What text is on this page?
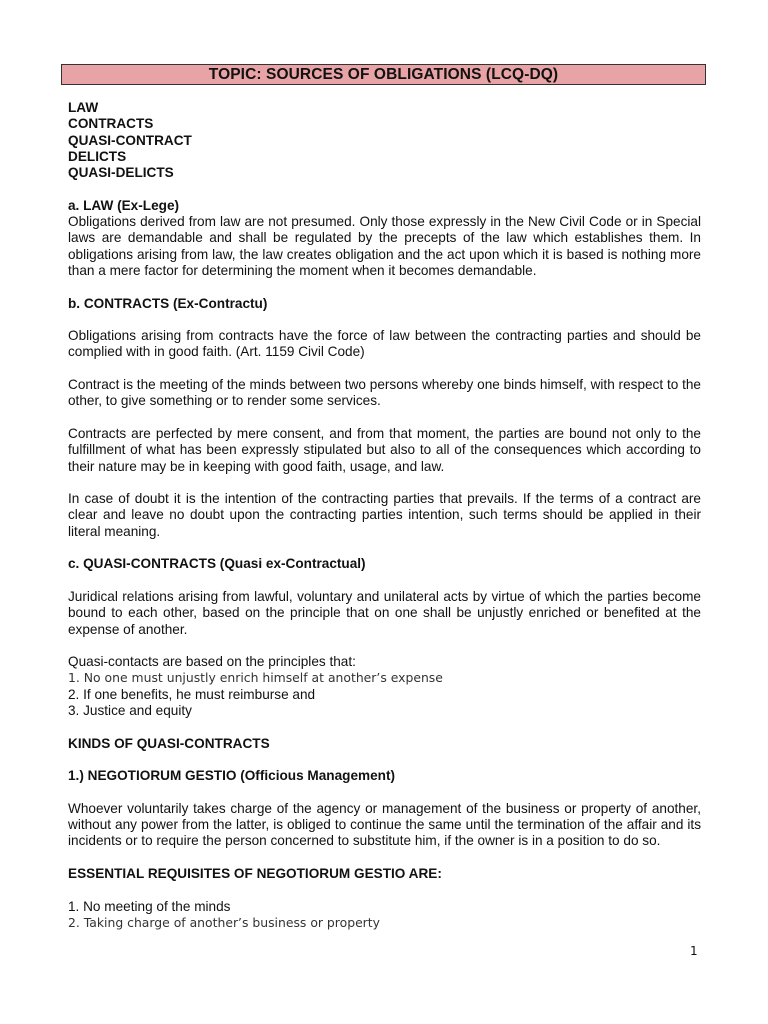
TOPIC: SOURCES OF OBLIGATIONS (LCQ-DQ)
LAW
CONTRACTS
QUASI-CONTRACT
DELICTS
QUASI-DELICTS
a. LAW (Ex-Lege)

Obligations derived from law are not presumed. Only those expressly in the New Civil Code or in Special laws are demandable and shall be regulated by the precepts of the law which establishes them. In obligations arising from law, the law creates obligation and the act upon which it is based is nothing more than a mere factor for determining the moment when it becomes demandable.

b. CONTRACTS (Ex-Contractu)

Obligations arising from contracts have the force of law between the contracting parties and should be complied with in good faith. (Art. 1159 Civil Code)

Contract is the meeting of the minds between two persons whereby one binds himself, with respect to the other, to give something or to render some services.

Contracts are perfected by mere consent, and from that moment, the parties are bound not only to the fulfillment of what has been expressly stipulated but also to all of the consequences which according to their nature may be in keeping with good faith, usage, and law.

In case of doubt it is the intention of the contracting parties that prevails. If the terms of a contract are clear and leave no doubt upon the contracting parties intention, such terms should be applied in their literal meaning.

c. QUASI-CONTRACTS (Quasi ex-Contractual)

Juridical relations arising from lawful, voluntary and unilateral acts by virtue of which the parties become bound to each other, based on the principle that on one shall be unjustly enriched or benefited at the expense of another.

Quasi-contacts are based on the principles that:
1. No one must unjustly enrich himself at another’s expense
2. If one benefits, he must reimburse and
3. Justice and equity
KINDS OF QUASI-CONTRACTS
1.) NEGOTIORUM GESTIO (Officious Management)

Whoever voluntarily takes charge of the agency or management of the business or property of another, without any power from the latter, is obliged to continue the same until the termination of the affair and its incidents or to require the person concerned to substitute him, if the owner is in a position to do so.

ESSENTIAL REQUISITES OF NEGOTIORUM GESTIO ARE:
1. No meeting of the minds
2. Taking charge of another’s business or property
1
